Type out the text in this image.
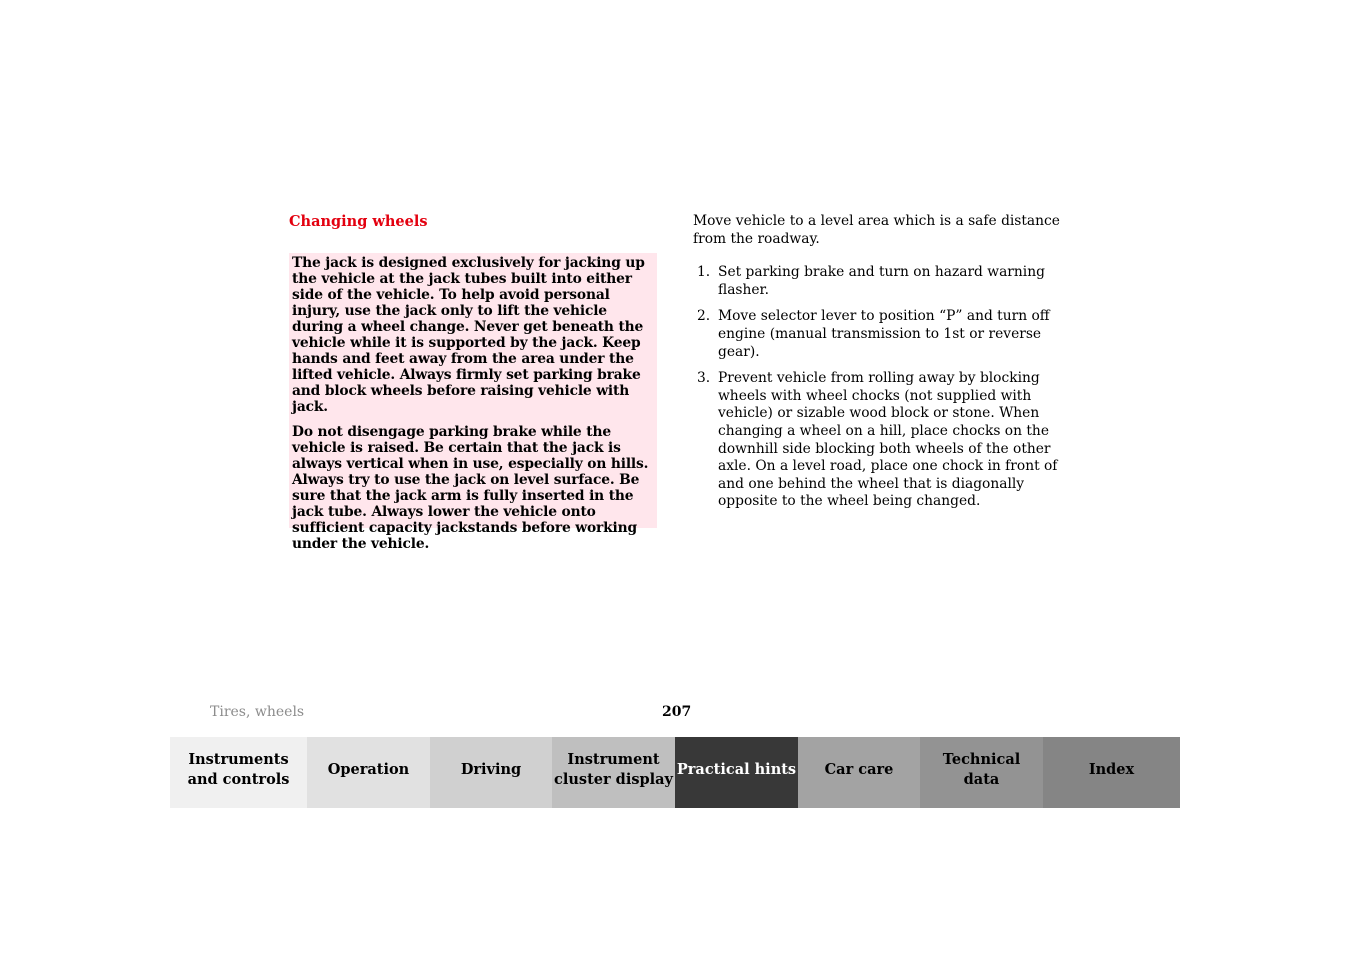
Changing wheels

The jack is designed exclusively for jacking up the vehicle at the jack tubes built into either side of the vehicle. To help avoid personal injury, use the jack only to lift the vehicle during a wheel change. Never get beneath the vehicle while it is supported by the jack. Keep hands and feet away from the area under the lifted vehicle. Always firmly set parking brake and block wheels before raising vehicle with jack.

Do not disengage parking brake while the vehicle is raised. Be certain that the jack is always vertical when in use, especially on hills. Always try to use the jack on level surface. Be sure that the jack arm is fully inserted in the jack tube. Always lower the vehicle onto sufficient capacity jackstands before working under the vehicle.

Move vehicle to a level area which is a safe distance from the roadway.

1. Set parking brake and turn on hazard warning flasher.
2. Move selector lever to position “P” and turn off engine (manual transmission to 1st or reverse gear).
3. Prevent vehicle from rolling away by blocking wheels with wheel chocks (not supplied with vehicle) or sizable wood block or stone. When changing a wheel on a hill, place chocks on the downhill side blocking both wheels of the other axle. On a level road, place one chock in front of and one behind the wheel that is diagonally opposite to the wheel being changed.
Tires, wheels	207
Instruments
and controls
Operation	Driving
Instrument
cluster display
Practical hints	Car care
Technical
data
Index
